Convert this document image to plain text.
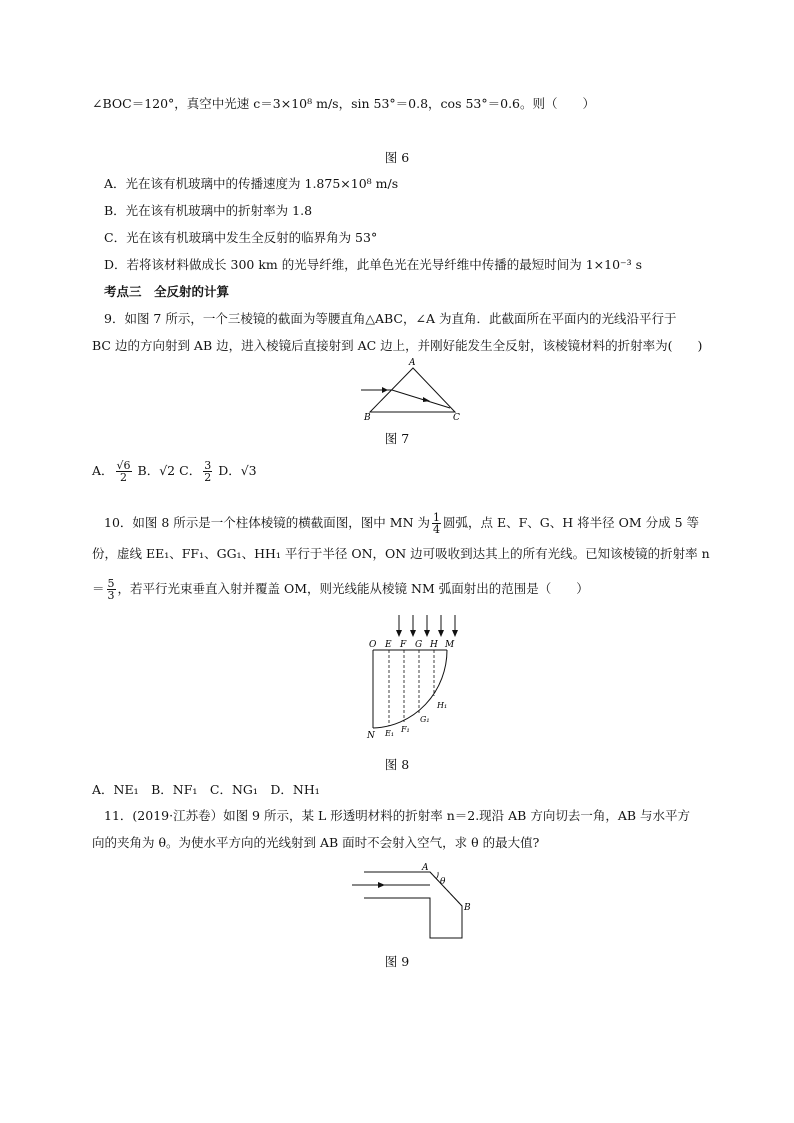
∠BOC＝120°，真空中光速 c＝3×10⁸ m/s，sin 53°＝0.8，cos 53°＝0.6。则（　　）
图 6
A．光在该有机玻璃中的传播速度为 1.875×10⁸ m/s
B．光在该有机玻璃中的折射率为 1.8
C．光在该有机玻璃中发生全反射的临界角为 53°
D．若将该材料做成长 300 km 的光导纤维，此单色光在光导纤维中传播的最短时间为 1×10⁻³ s
考点三　全反射的计算
9．如图 7 所示，一个三棱镜的截面为等腰直角△ABC，∠A 为直角．此截面所在平面内的光线沿平行于
BC 边的方向射到 AB 边，进入棱镜后直接射到 AC 边上，并刚好能发生全反射，该棱镜材料的折射率为(　　)
A
B	C
图 7
A． $\frac{√6}{2}$ B．√2 C． $\frac{3}{2}$ D．√3
10．如图 8 所示是一个柱体棱镜的横截面图，图中 MN 为 $\frac{1}{4}$ 圆弧，点 E、F、G、H 将半径 OM 分成 5 等
份，虚线 EE₁、FF₁、GG₁、HH₁ 平行于半径 ON，ON 边可吸收到达其上的所有光线。已知该棱镜的折射率 n
＝ $\frac{5}{3}$ ，若平行光束垂直入射并覆盖 OM，则光线能从棱镜 NM 弧面射出的范围是（　　）
O E F G H M
N E₁ F₁
G₁
H₁
图 8
A．NE₁　B．NF₁　C．NG₁　D．NH₁
11．(2019·江苏卷）如图 9 所示，某 L 形透明材料的折射率 n＝2.现沿 AB 方向切去一角，AB 与水平方
向的夹角为 θ。为使水平方向的光线射到 AB 面时不会射入空气，求 θ 的最大值?
A
θ
B
图 9
